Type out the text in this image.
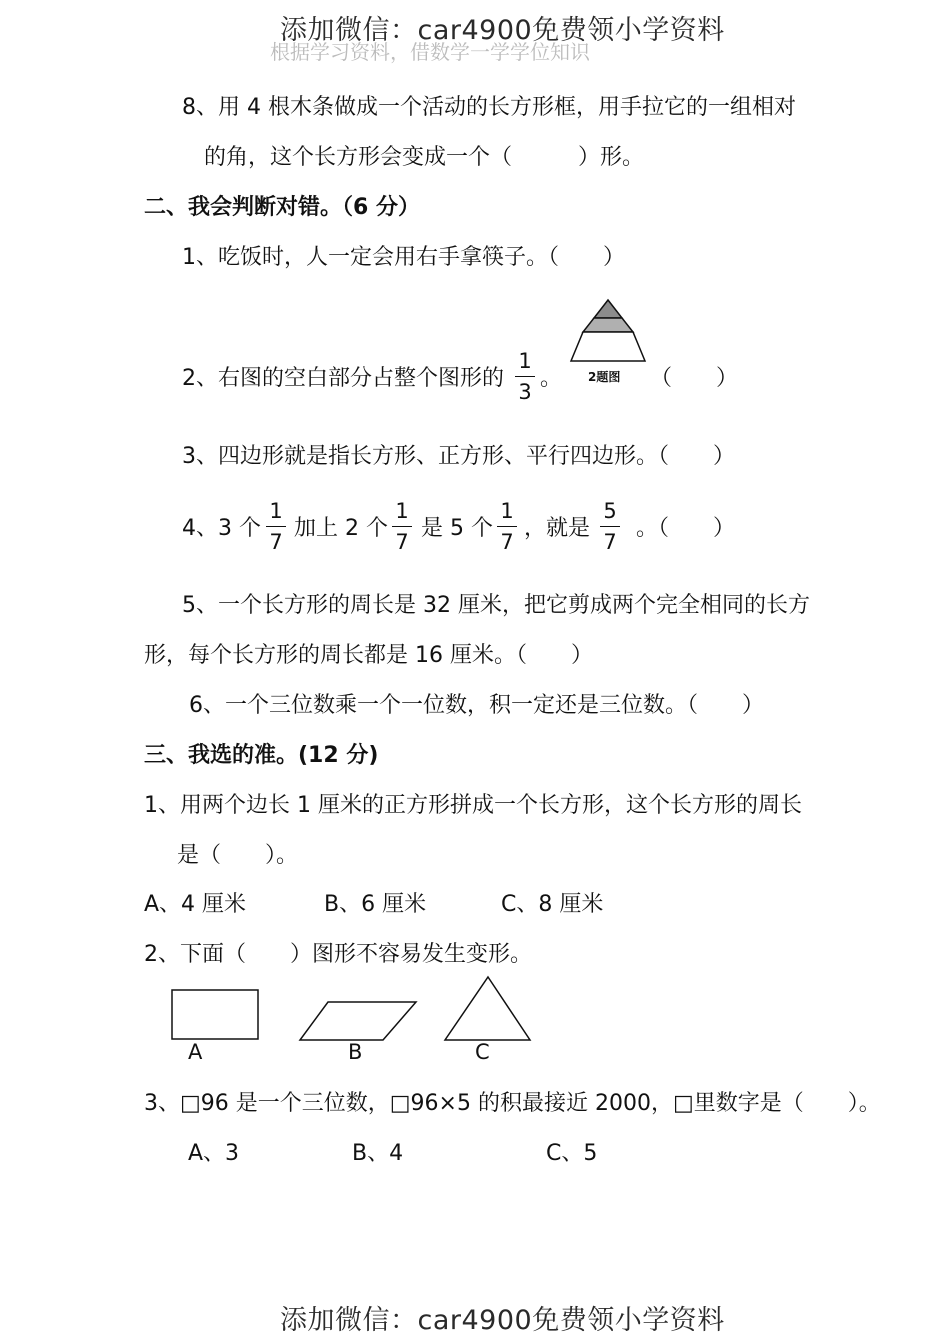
根据学习资料，借数学一学学位知识
添加微信：car4900免费领小学资料
8、用 4 根木条做成一个活动的长方形框，用手拉它的一组相对
的角，这个长方形会变成一个（　　　）形。
二、我会判断对错。（6 分）
1、吃饭时，人一定会用右手拿筷子。（　　）
2、右图的空白部分占整个图形的
1
3
。 2题图 （　　）
3、四边形就是指长方形、正方形、平行四边形。（　　）
4、3 个
1
7
加上 2 个
1
7
是 5 个
1
7
，就是
5
7
。（　　）
5、一个长方形的周长是 32 厘米，把它剪成两个完全相同的长方
形，每个长方形的周长都是 16 厘米。（　　）
6、一个三位数乘一个一位数，积一定还是三位数。（　　）
三、我选的准。(12 分)
1、用两个边长 1 厘米的正方形拼成一个长方形，这个长方形的周长
是（　　）。
A、4 厘米	B、6 厘米	C、8 厘米
2、下面（　　）图形不容易发生变形。
A	B	C
3、□96 是一个三位数，□96×5 的积最接近 2000，□里数字是（　　）。
A、3	B、4	C、5
添加微信：car4900免费领小学资料
